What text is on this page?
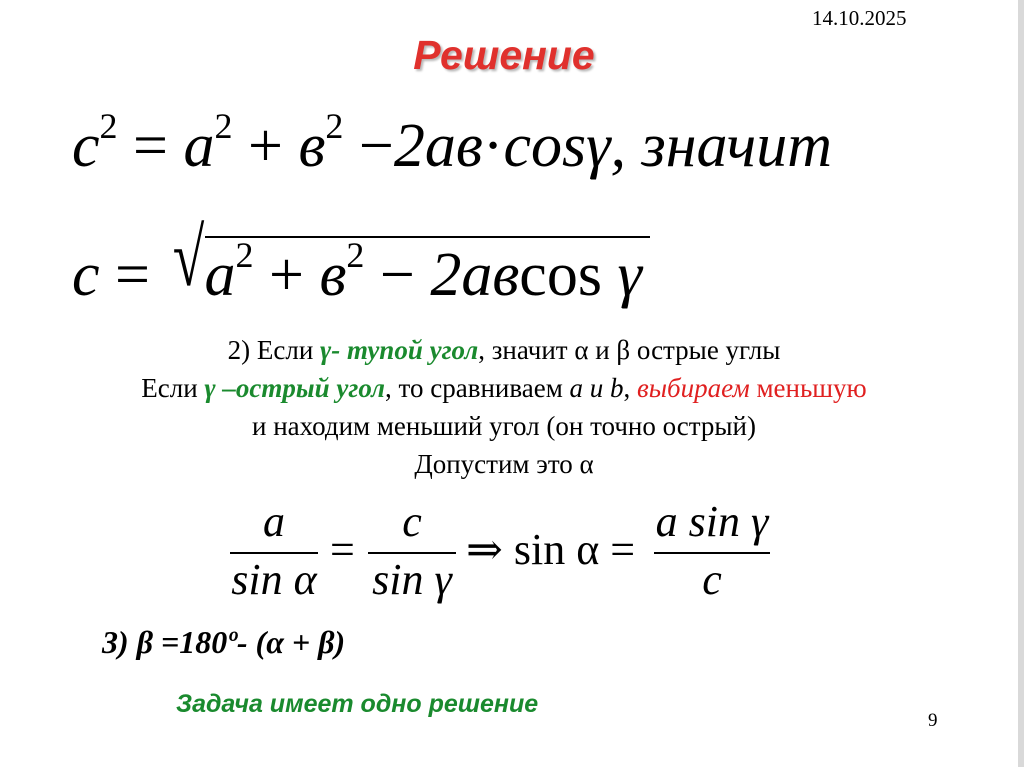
14.10.2025
Решение
$c^2 = a^2 + в^2 -2ав\cdot\cos\gamma$, значит
$c = √a^2 + в^2 - 2ав\cos$ γ

2) Если γ- тупой угол, значит α и β острые углы

Если γ –острый угол, то сравниваем a и b, выбираем меньшую

и находим меньший угол (он точно острый)

Допустим это α

a
sin α
=
c
sin γ
⇒ sin α =
a sin γ
c
3) β =180º- (α + β)
Задача имеет одно решение
9
